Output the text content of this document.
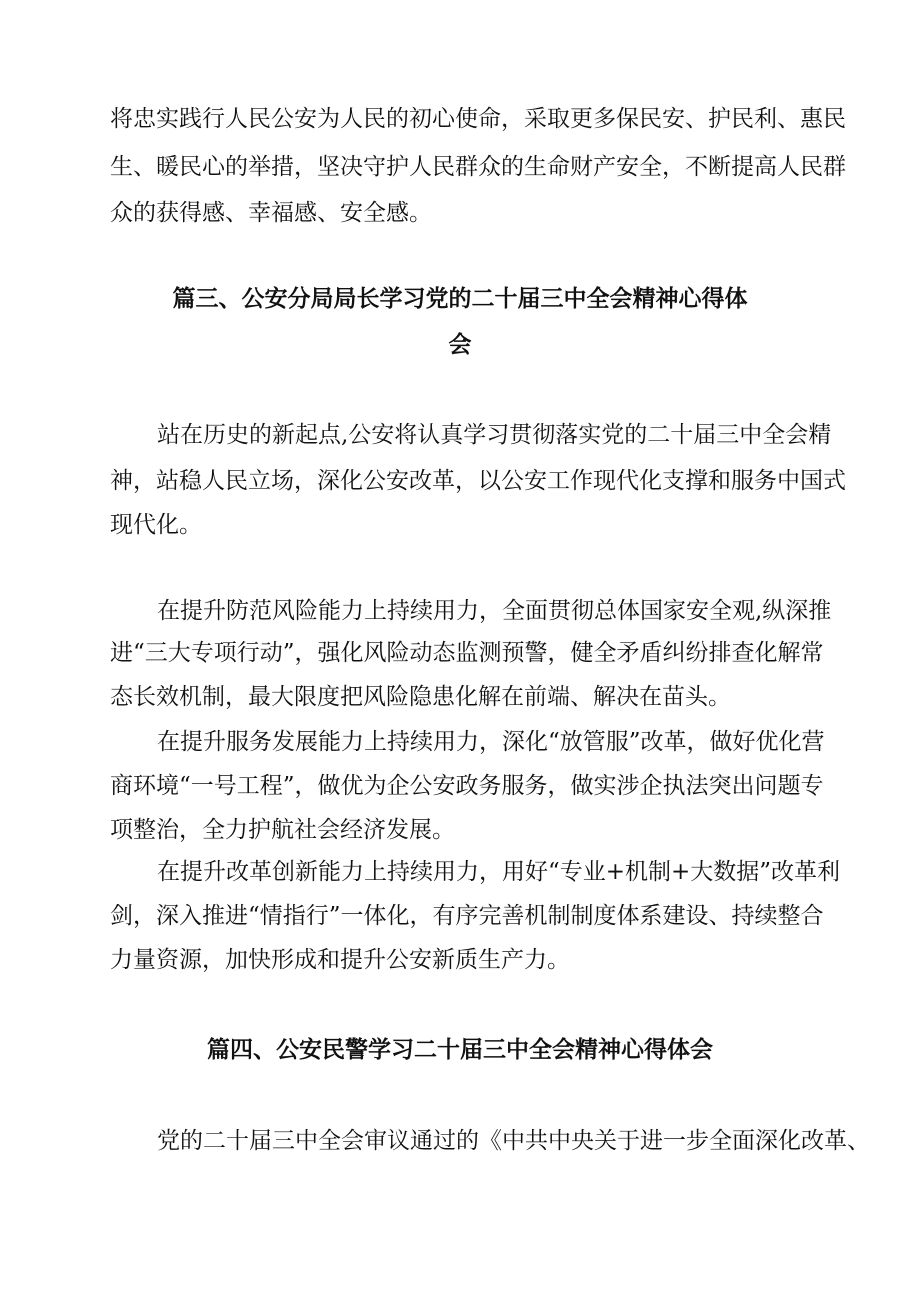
将忠实践行人民公安为人民的初心使命，采取更多保民安、护民利、惠民
生、暖民心的举措，坚决守护人民群众的生命财产安全，不断提高人民群
众的获得感、幸福感、安全感。
篇三、公安分局局长学习党的二十届三中全会精神心得体
会
站在历史的新起点,公安将认真学习贯彻落实党的二十届三中全会精
神，站稳人民立场，深化公安改革，以公安工作现代化支撑和服务中国式
现代化。
在提升防范风险能力上持续用力，全面贯彻总体国家安全观,纵深推
进“三大专项行动”，强化风险动态监测预警，健全矛盾纠纷排查化解常
态长效机制，最大限度把风险隐患化解在前端、解决在苗头。
在提升服务发展能力上持续用力，深化“放管服”改革，做好优化营
商环境“一号工程”，做优为企公安政务服务，做实涉企执法突出问题专
项整治，全力护航社会经济发展。
在提升改革创新能力上持续用力，用好“专业+机制+大数据”改革利
剑，深入推进“情指行”一体化，有序完善机制制度体系建设、持续整合
力量资源，加快形成和提升公安新质生产力。
篇四、公安民警学习二十届三中全会精神心得体会
党的二十届三中全会审议通过的《中共中央关于进一步全面深化改革、
